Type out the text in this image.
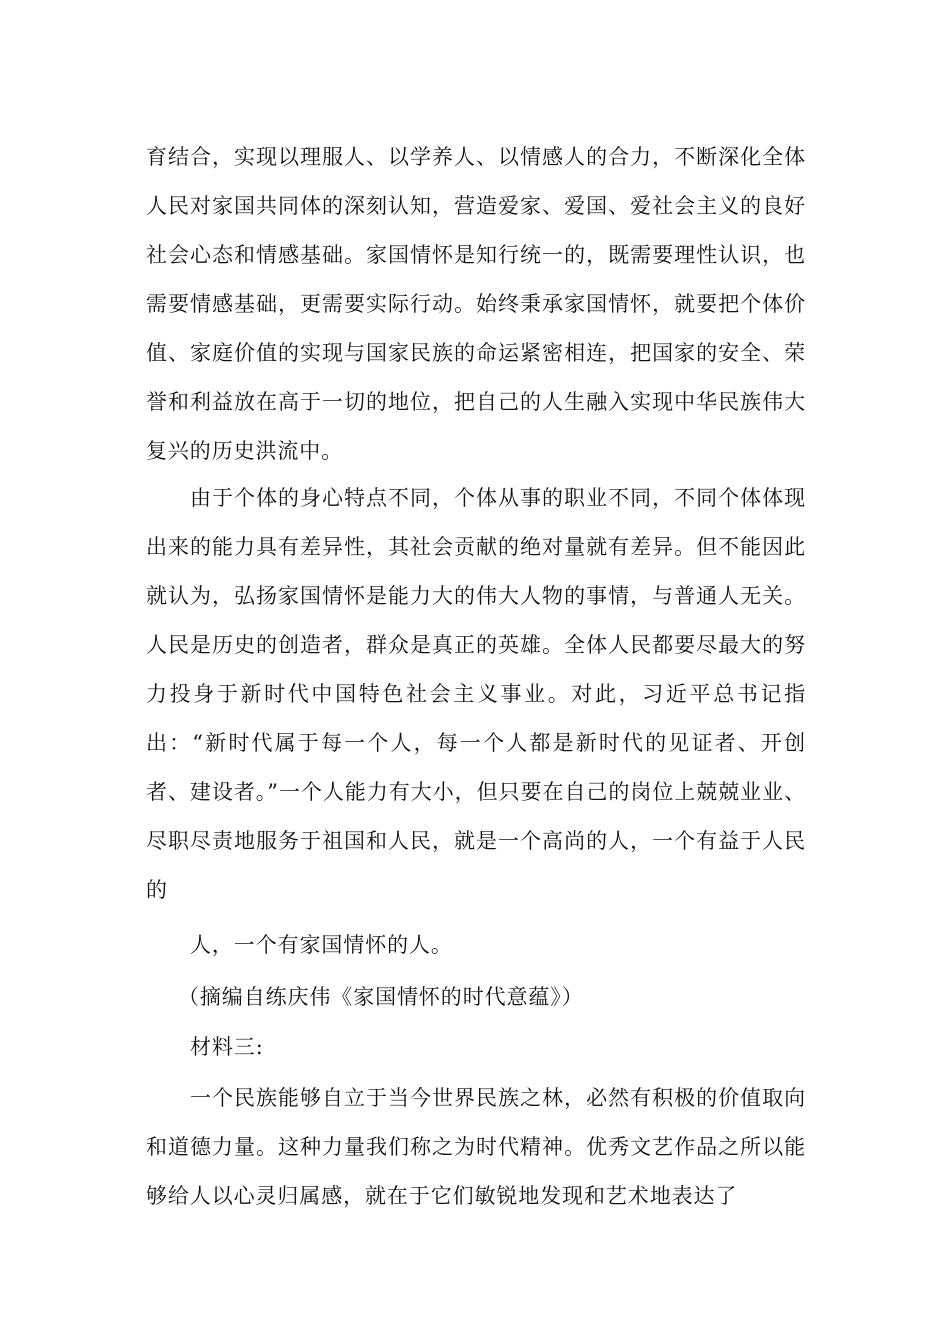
育结合，实现以理服人、以学养人、以情感人的合力，不断深化全体人民对家国共同体的深刻认知，营造爱家、爱国、爱社会主义的良好社会心态和情感基础。家国情怀是知行统一的，既需要理性认识，也需要情感基础，更需要实际行动。始终秉承家国情怀，就要把个体价值、家庭价值的实现与国家民族的命运紧密相连，把国家的安全、荣誉和利益放在高于一切的地位，把自己的人生融入实现中华民族伟大复兴的历史洪流中。

由于个体的身心特点不同，个体从事的职业不同，不同个体体现出来的能力具有差异性，其社会贡献的绝对量就有差异。但不能因此就认为，弘扬家国情怀是能力大的伟大人物的事情，与普通人无关。人民是历史的创造者，群众是真正的英雄。全体人民都要尽最大的努力投身于新时代中国特色社会主义事业。对此，习近平总书记指出：“新时代属于每一个人，每一个人都是新时代的见证者、开创者、建设者。”一个人能力有大小，但只要在自己的岗位上兢兢业业、尽职尽责地服务于祖国和人民，就是一个高尚的人，一个有益于人民的

人，一个有家国情怀的人。

（摘编自练庆伟《家国情怀的时代意蕴》）

材料三:

一个民族能够自立于当今世界民族之林，必然有积极的价值取向和道德力量。这种力量我们称之为时代精神。优秀文艺作品之所以能够给人以心灵归属感，就在于它们敏锐地发现和艺术地表达了
